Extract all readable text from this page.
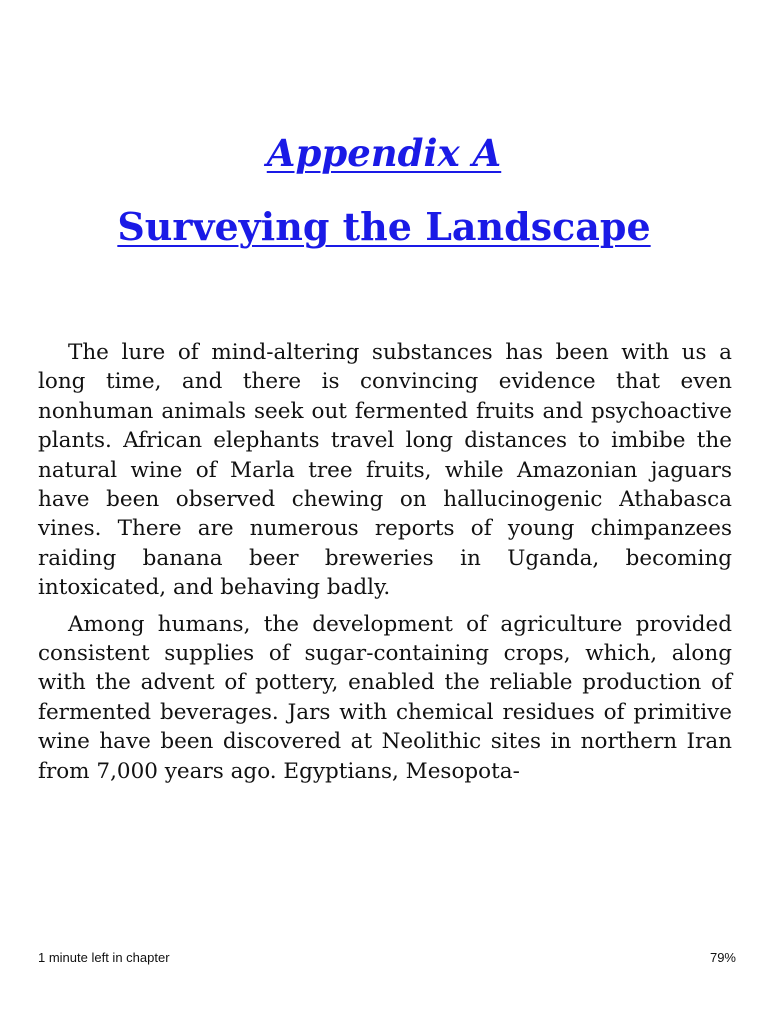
Appendix A
Surveying the Landscape

The lure of mind-altering substances has been with us a long time, and there is convincing evidence that even nonhuman animals seek out fermented fruits and psychoactive plants. African elephants travel long distances to imbibe the natural wine of Marla tree fruits, while Amazonian jaguars have been observed chewing on hallucinogenic Athabasca vines. There are numerous reports of young chimpanzees raiding banana beer breweries in Uganda, becoming intoxicated, and behaving badly.

Among humans, the development of agriculture provided consistent supplies of sugar-containing crops, which, along with the advent of pottery, enabled the reliable production of fermented beverages. Jars with chemical residues of primitive wine have been discovered at Neolithic sites in northern Iran from 7,000 years ago. Egyptians, Mesopota-

1 minute left in chapter	79%
